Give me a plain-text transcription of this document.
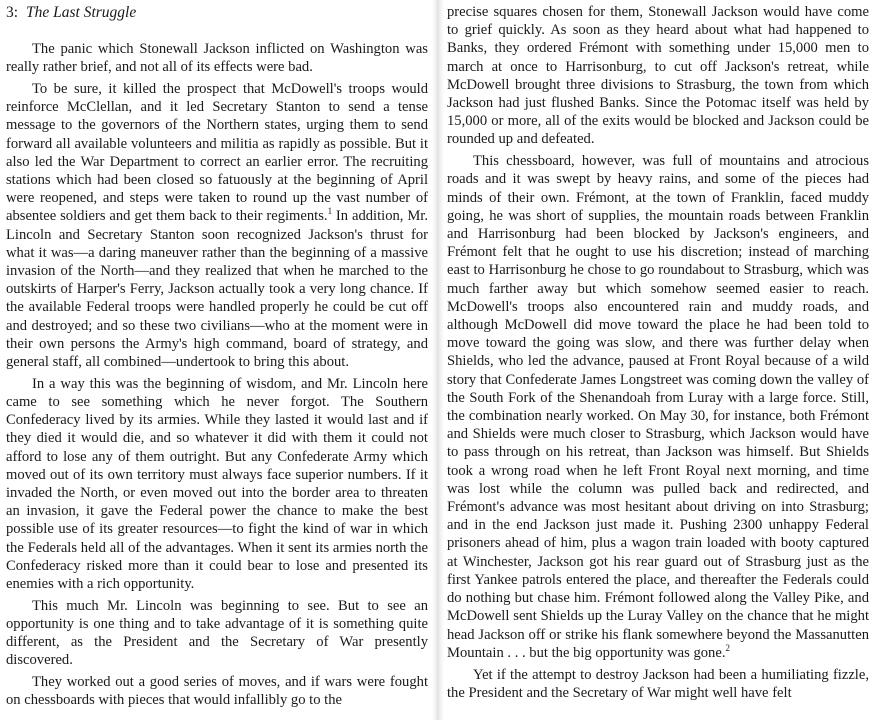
3: The Last Struggle

The panic which Stonewall Jackson inflicted on Washington was really rather brief, and not all of its effects were bad.

To be sure, it killed the prospect that McDowell's troops would reinforce McClellan, and it led Secretary Stanton to send a tense message to the governors of the Northern states, urging them to send forward all available volunteers and militia as rapidly as possible. But it also led the War Department to correct an earlier error. The recruiting stations which had been closed so fatuously at the beginning of April were reopened, and steps were taken to round up the vast number of absentee soldiers and get them back to their regiments.$^1$ In addition, Mr. Lincoln and Secretary Stanton soon recognized Jackson's thrust for what it was—a daring maneuver rather than the beginning of a massive invasion of the North—and they realized that when he marched to the outskirts of Harper's Ferry, Jackson actually took a very long chance. If the available Federal troops were handled properly he could be cut off and destroyed; and so these two civilians—who at the moment were in their own persons the Army's high command, board of strategy, and general staff, all combined—undertook to bring this about.

In a way this was the beginning of wisdom, and Mr. Lincoln here came to see something which he never forgot. The Southern Confederacy lived by its armies. While they lasted it would last and if they died it would die, and so whatever it did with them it could not afford to lose any of them outright. But any Confederate Army which moved out of its own territory must always face superior numbers. If it invaded the North, or even moved out into the border area to threaten an invasion, it gave the Federal power the chance to make the best possible use of its greater resources—to fight the kind of war in which the Federals held all of the advantages. When it sent its armies north the Confederacy risked more than it could bear to lose and presented its enemies with a rich opportunity.

This much Mr. Lincoln was beginning to see. But to see an opportunity is one thing and to take advantage of it is something quite different, as the President and the Secretary of War presently discovered.

They worked out a good series of moves, and if wars were fought on chessboards with pieces that would infallibly go to the

precise squares chosen for them, Stonewall Jackson would have come to grief quickly. As soon as they heard about what had happened to Banks, they ordered Frémont with something under 15,000 men to march at once to Harrisonburg, to cut off Jackson's retreat, while McDowell brought three divisions to Strasburg, the town from which Jackson had just flushed Banks. Since the Potomac itself was held by 15,000 or more, all of the exits would be blocked and Jackson could be rounded up and defeated.

This chessboard, however, was full of mountains and atrocious roads and it was swept by heavy rains, and some of the pieces had minds of their own. Frémont, at the town of Franklin, faced muddy going, he was short of supplies, the mountain roads between Franklin and Harrisonburg had been blocked by Jackson's engineers, and Frémont felt that he ought to use his discretion; instead of marching east to Harrisonburg he chose to go roundabout to Strasburg, which was much farther away but which somehow seemed easier to reach. McDowell's troops also encountered rain and muddy roads, and although McDowell did move toward the place he had been told to move toward the going was slow, and there was further delay when Shields, who led the advance, paused at Front Royal because of a wild story that Confederate James Longstreet was coming down the valley of the South Fork of the Shenandoah from Luray with a large force. Still, the combination nearly worked. On May 30, for instance, both Frémont and Shields were much closer to Strasburg, which Jackson would have to pass through on his retreat, than Jackson was himself. But Shields took a wrong road when he left Front Royal next morning, and time was lost while the column was pulled back and redirected, and Frémont's advance was most hesitant about driving on into Strasburg; and in the end Jackson just made it. Pushing 2300 unhappy Federal prisoners ahead of him, plus a wagon train loaded with booty captured at Winchester, Jackson got his rear guard out of Strasburg just as the first Yankee patrols entered the place, and thereafter the Federals could do nothing but chase him. Frémont followed along the Valley Pike, and McDowell sent Shields up the Luray Valley on the chance that he might head Jackson off or strike his flank somewhere beyond the Massanutten Mountain . . . but the big opportunity was gone.$^2$

Yet if the attempt to destroy Jackson had been a humiliating fizzle, the President and the Secretary of War might well have felt
